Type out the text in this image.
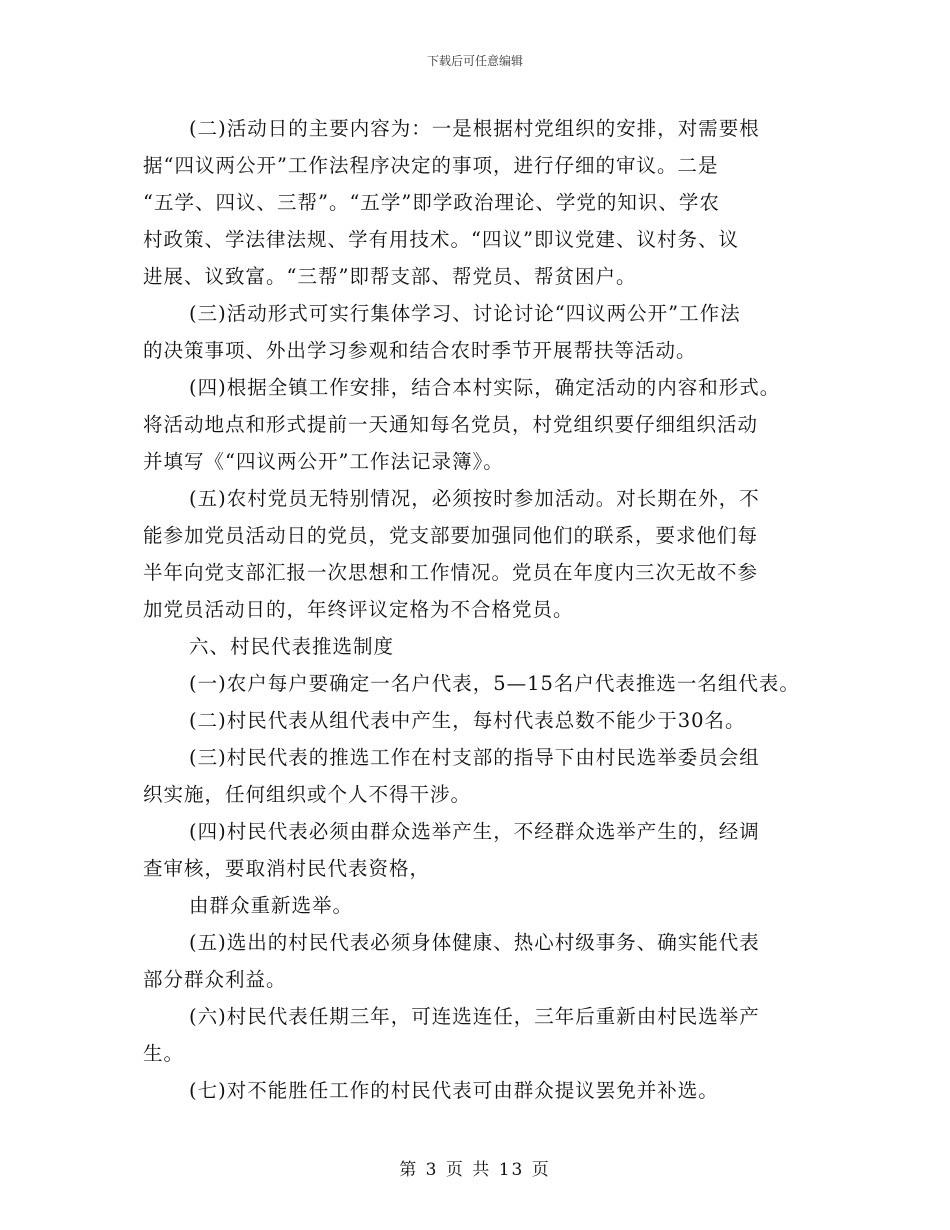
下载后可任意编辑
(二)活动日的主要内容为：一是根据村党组织的安排，对需要根
据“四议两公开”工作法程序决定的事项，进行仔细的审议。二是
“五学、四议、三帮”。“五学”即学政治理论、学党的知识、学农
村政策、学法律法规、学有用技术。“四议”即议党建、议村务、议
进展、议致富。“三帮”即帮支部、帮党员、帮贫困户。
(三)活动形式可实行集体学习、讨论讨论“四议两公开”工作法
的决策事项、外出学习参观和结合农时季节开展帮扶等活动。
(四)根据全镇工作安排，结合本村实际，确定活动的内容和形式。
将活动地点和形式提前一天通知每名党员，村党组织要仔细组织活动
并填写《“四议两公开”工作法记录簿》。
(五)农村党员无特别情况，必须按时参加活动。对长期在外，不
能参加党员活动日的党员，党支部要加强同他们的联系，要求他们每
半年向党支部汇报一次思想和工作情况。党员在年度内三次无故不参
加党员活动日的，年终评议定格为不合格党员。
六、村民代表推选制度
(一)农户每户要确定一名户代表，5—15名户代表推选一名组代表。
(二)村民代表从组代表中产生，每村代表总数不能少于30名。
(三)村民代表的推选工作在村支部的指导下由村民选举委员会组
织实施，任何组织或个人不得干涉。
(四)村民代表必须由群众选举产生，不经群众选举产生的，经调
查审核，要取消村民代表资格，
由群众重新选举。
(五)选出的村民代表必须身体健康、热心村级事务、确实能代表
部分群众利益。
(六)村民代表任期三年，可连选连任，三年后重新由村民选举产
生。
(七)对不能胜任工作的村民代表可由群众提议罢免并补选。
第 3 页 共 13 页
